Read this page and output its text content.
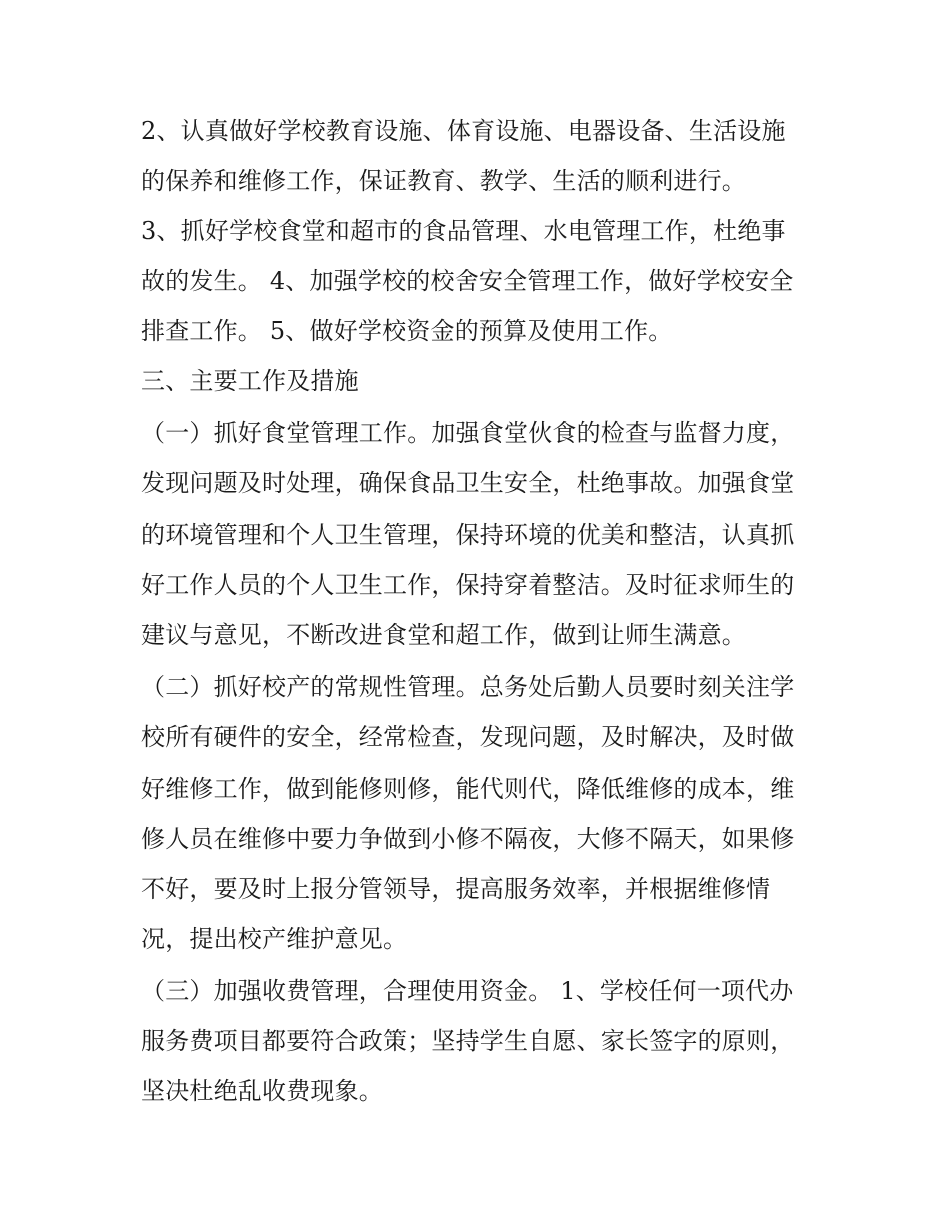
2、认真做好学校教育设施、体育设施、电器设备、生活设施
的保养和维修工作，保证教育、教学、生活的顺利进行。
3、抓好学校食堂和超市的食品管理、水电管理工作，杜绝事
故的发生。 4、加强学校的校舍安全管理工作，做好学校安全
排查工作。 5、做好学校资金的预算及使用工作。
三、主要工作及措施
（一）抓好食堂管理工作。加强食堂伙食的检查与监督力度，
发现问题及时处理，确保食品卫生安全，杜绝事故。加强食堂
的环境管理和个人卫生管理，保持环境的优美和整洁，认真抓
好工作人员的个人卫生工作，保持穿着整洁。及时征求师生的
建议与意见，不断改进食堂和超工作，做到让师生满意。
（二）抓好校产的常规性管理。总务处后勤人员要时刻关注学
校所有硬件的安全，经常检查，发现问题，及时解决，及时做
好维修工作，做到能修则修，能代则代，降低维修的成本，维
修人员在维修中要力争做到小修不隔夜，大修不隔天，如果修
不好，要及时上报分管领导，提高服务效率，并根据维修情
况，提出校产维护意见。
（三）加强收费管理，合理使用资金。 1、学校任何一项代办
服务费项目都要符合政策；坚持学生自愿、家长签字的原则，
坚决杜绝乱收费现象。
